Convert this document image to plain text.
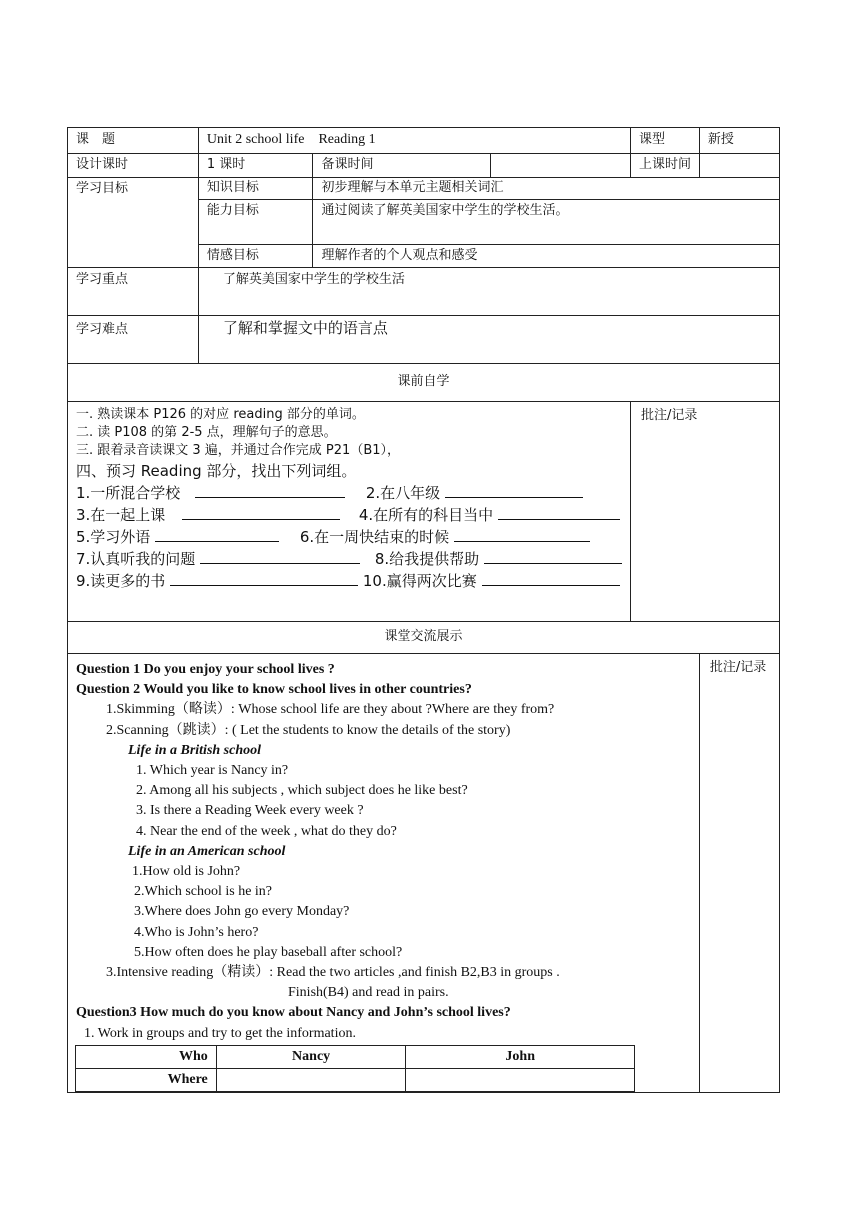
课　题	Unit 2 school life　Reading 1	课型	新授
设计课时	1 课时	备课时间		上课时间	
学习目标	知识目标	初步理解与本单元主题相关词汇
能力目标	通过阅读了解英美国家中学生的学校生活。
情感目标	理解作者的个人观点和感受
学习重点	了解英美国家中学生的学校生活
学习难点	了解和掌握文中的语言点
课前自学

一. 熟读课本 P126 的对应 reading 部分的单词。
二. 读 P108 的第 2-5 点，理解句子的意思。
三. 跟着录音读课文 3 遍，并通过合作完成 P21（B1），
四、预习 Reading 部分，找出下列词组。
1.一所混合学校	2.在八年级
3.在一起上课	4.在所有的科目当中
5.学习外语	6.在一周快结束的时候
7.认真听我的问题	8.给我提供帮助
9.读更多的书	10.赢得两次比赛
	批注/记录
课堂交流展示

Question 1 Do you enjoy your school lives ?
Question 2 Would you like to know school lives in other countries?
1.Skimming（略读）: Whose school life are they about ?Where are they from?
2.Scanning（跳读）: ( Let the students to know the details of the story)
Life in a British school
1. Which year is Nancy in?
2. Among all his subjects , which subject does he like best?
3. Is there a Reading Week every week ?
4. Near the end of the week , what do they do?
Life in an American school
1.How old is John?
2.Which school is he in?
3.Where does John go every Monday?
4.Who is John’s hero?
5.How often does he play baseball after school?
3.Intensive reading（精读）: Read the two articles ,and finish B2,B3 in groups .
Finish(B4) and read in pairs.
Question3 How much do you know about Nancy and John’s school lives?
1. Work in groups and try to get the information.
Who	Nancy	John
Where		
	批注/记录
